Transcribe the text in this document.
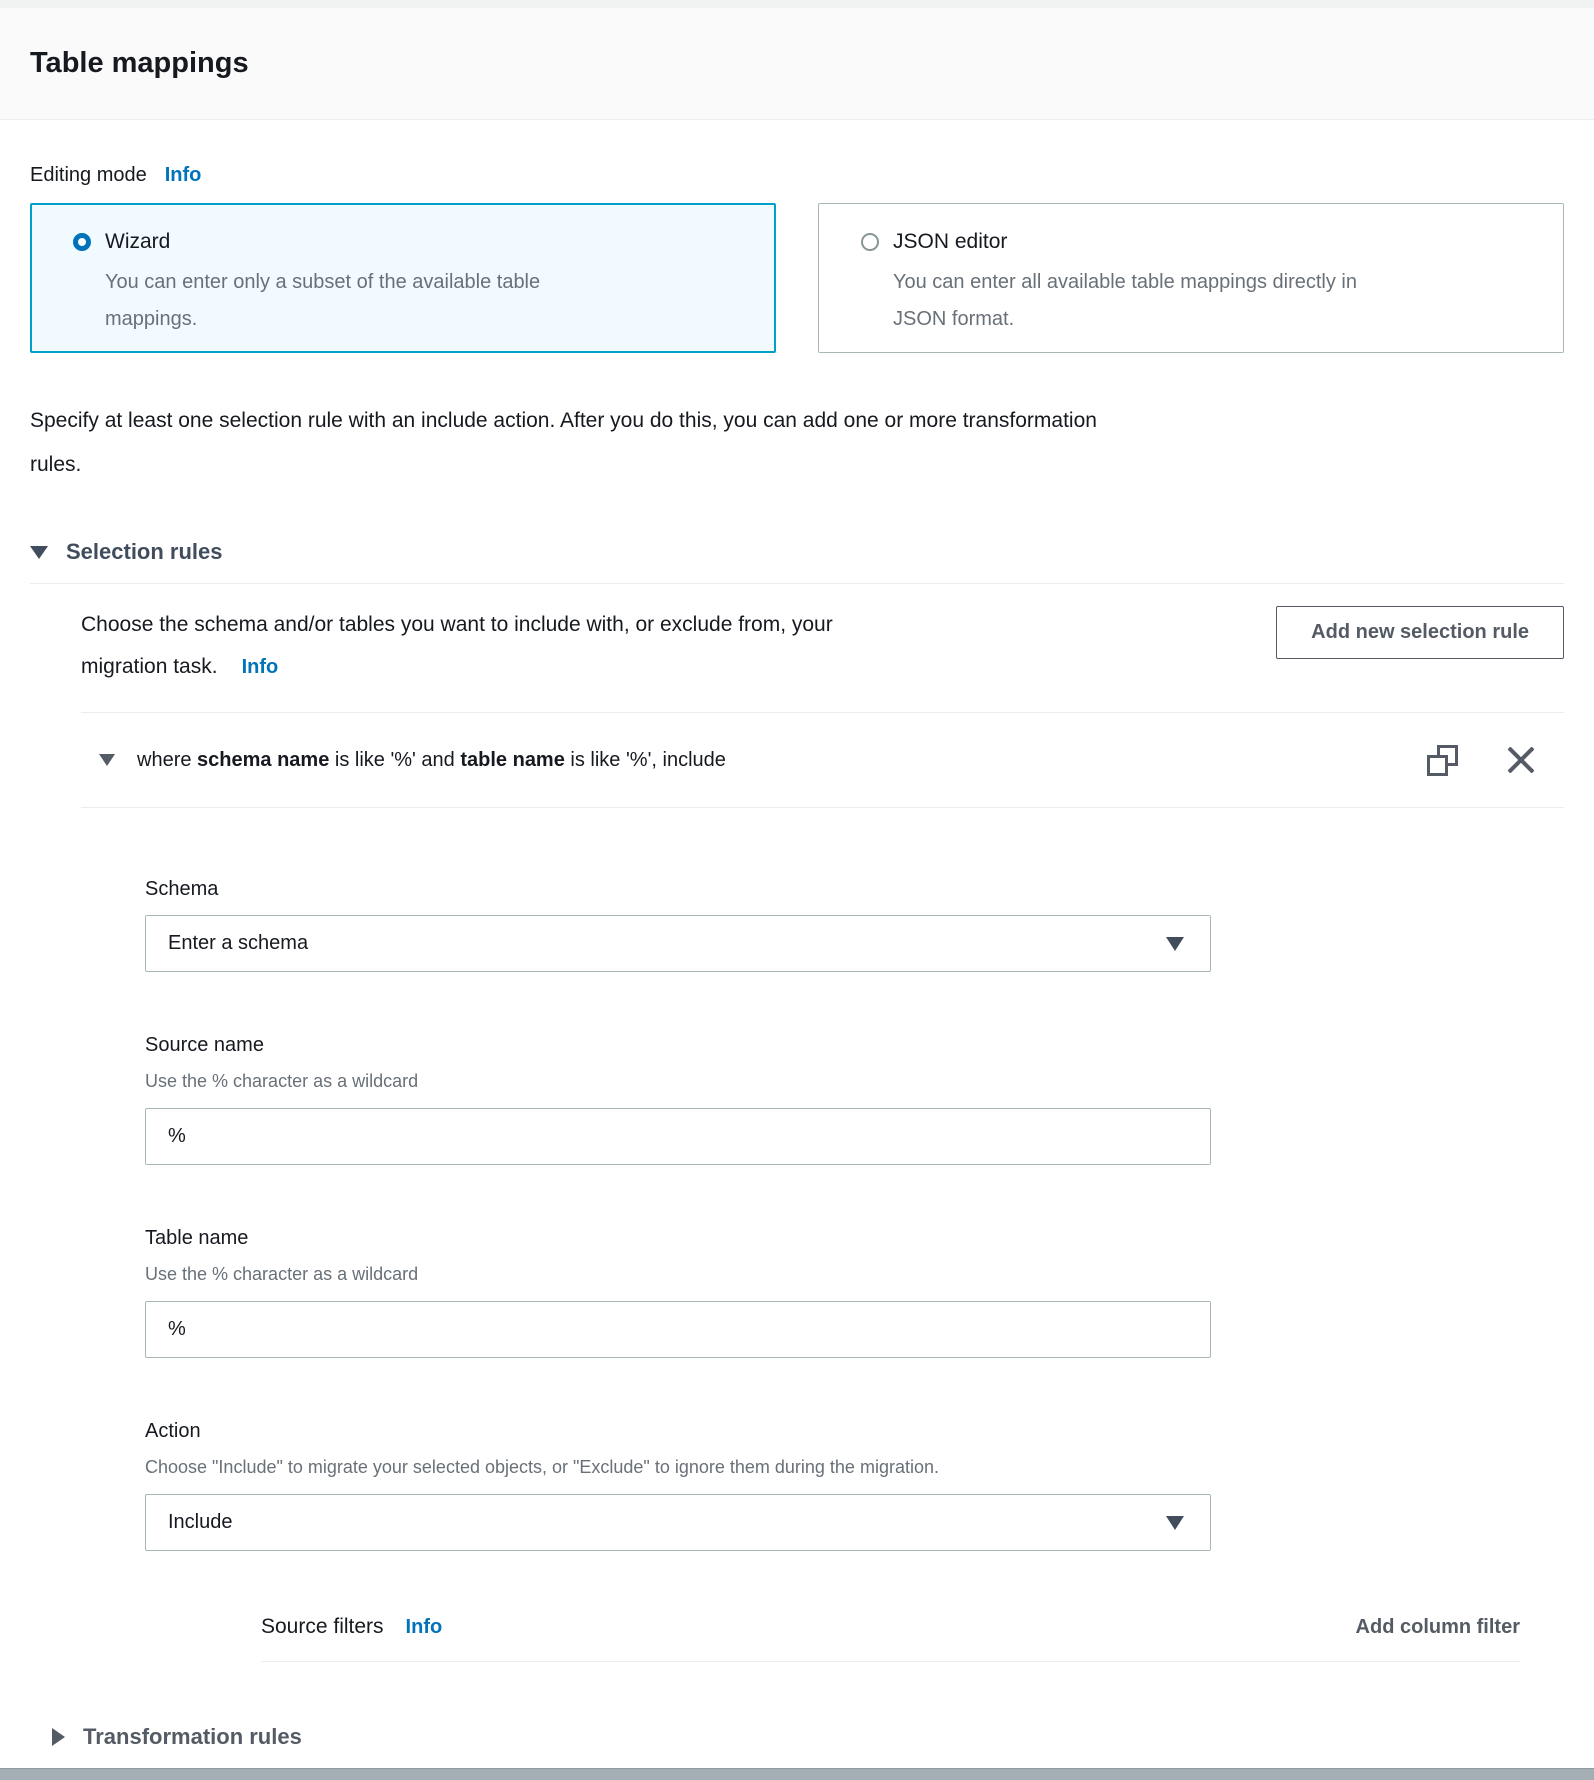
Table mappings
Editing mode Info
Wizard
You can enter only a subset of the available table
mappings.
JSON editor
You can enter all available table mappings directly in
JSON format.
Specify at least one selection rule with an include action. After you do this, you can add one or more transformation
rules.
Selection rules
Choose the schema and/or tables you want to include with, or exclude from, your
migration task. Info
Add new selection rule
where schema name is like '%' and table name is like '%', include
Schema
Enter a schema
Source name
Use the % character as a wildcard
%
Table name
Use the % character as a wildcard
%
Action
Choose "Include" to migrate your selected objects, or "Exclude" to ignore them during the migration.
Include
Source filters Info	Add column filter
Transformation rules
